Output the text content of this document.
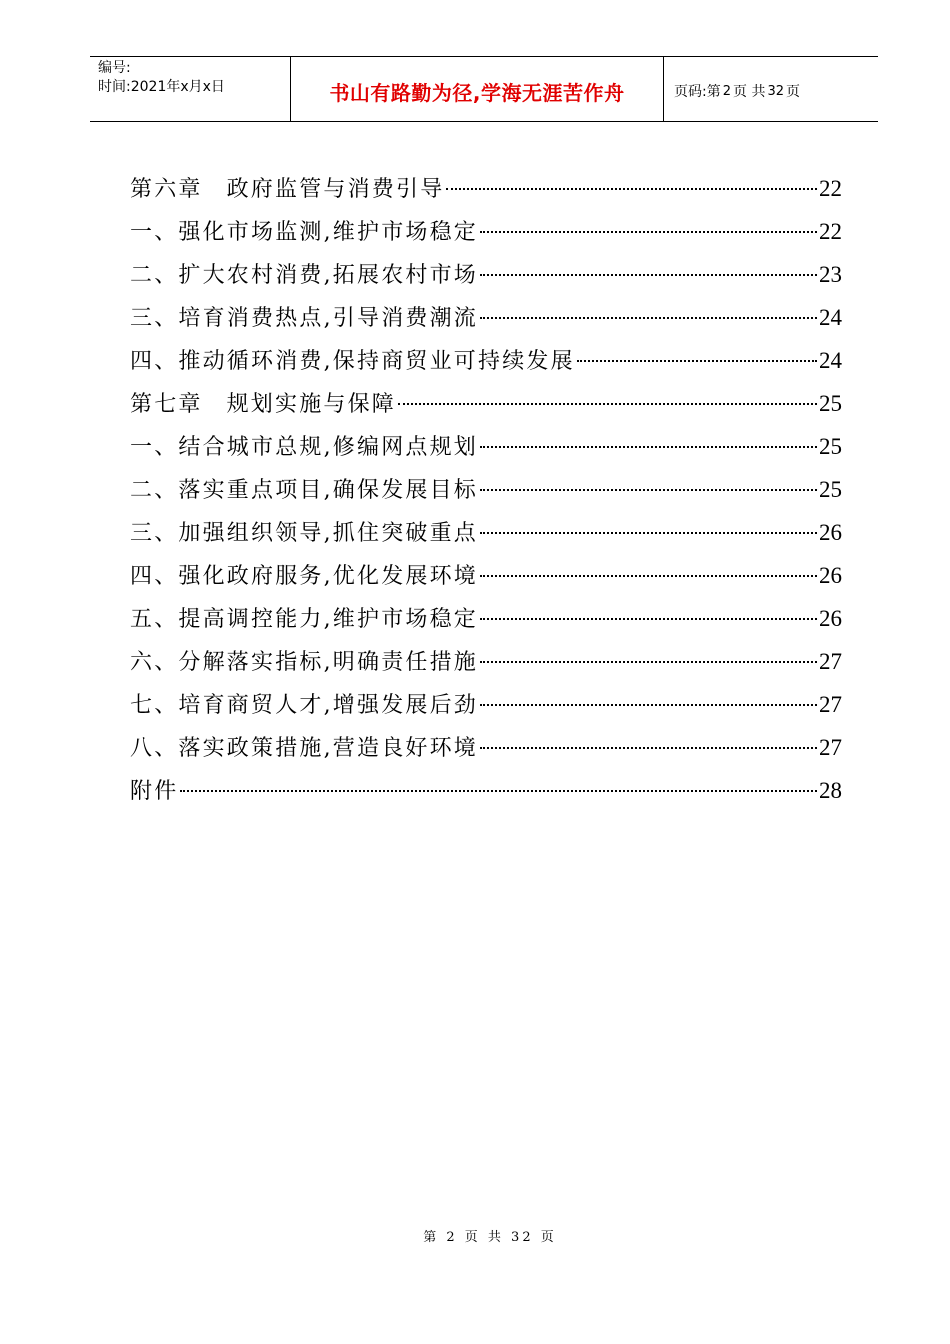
编号:
时间:2021年x月x日	书山有路勤为径,学海无涯苦作舟	页码:第 2 页 共 32 页
第六章 政府监管与消费引导	22
一、强化市场监测,维护市场稳定	22
二、扩大农村消费,拓展农村市场	23
三、培育消费热点,引导消费潮流	24
四、推动循环消费,保持商贸业可持续发展	24
第七章 规划实施与保障	25
一、结合城市总规,修编网点规划	25
二、落实重点项目,确保发展目标	25
三、加强组织领导,抓住突破重点	26
四、强化政府服务,优化发展环境	26
五、提高调控能力,维护市场稳定	26
六、分解落实指标,明确责任措施	27
七、培育商贸人才,增强发展后劲	27
八、落实政策措施,营造良好环境	27
附件	28
第 2 页 共 32 页
